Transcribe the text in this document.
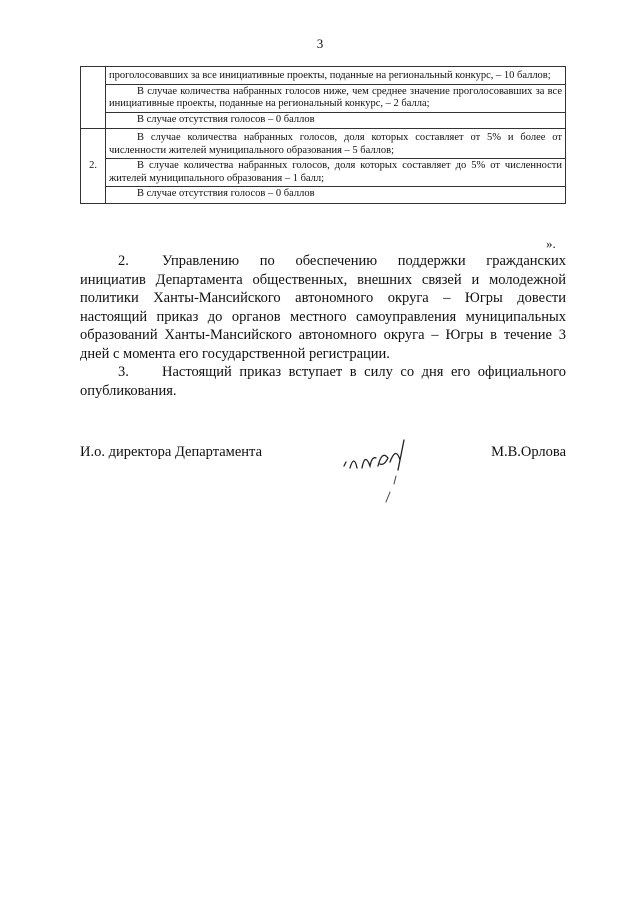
3

	проголосовавших за все инициативные проекты, поданные на региональный конкурс, – 10 баллов;

В случае количества набранных голосов ниже, чем среднее значение проголосовавших за все инициативные проекты, поданные на региональный конкурс, – 2 балла;

В случае отсутствия голосов – 0 баллов

2.	В случае количества набранных голосов, доля которых составляет от 5% и более от численности жителей муниципального образования – 5 баллов;

В случае количества набранных голосов, доля которых составляет до 5% от численности жителей муниципального образования – 1 балл;

В случае отсутствия голосов – 0 баллов

».

2. Управлению по обеспечению поддержки гражданских инициатив Департамента общественных, внешних связей и молодежной политики Ханты-Мансийского автономного округа – Югры довести настоящий приказ до органов местного самоуправления муниципальных образований Ханты-Мансийского автономного округа – Югры в течение 3 дней с момента его государственной регистрации.

3. Настоящий приказ вступает в силу со дня его официального опубликования.

И.о. директора Департамента	М.В.Орлова
